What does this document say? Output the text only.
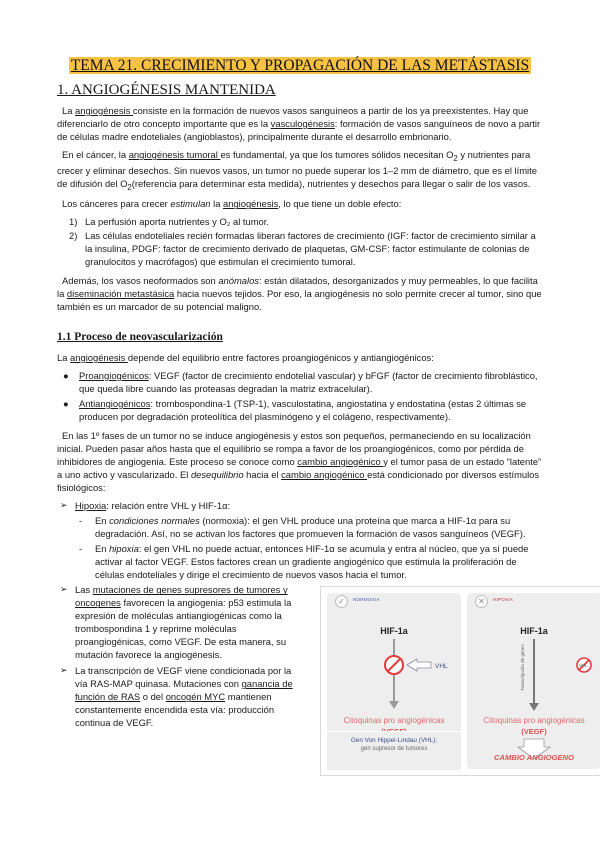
TEMA 21. CRECIMIENTO Y PROPAGACIÓN DE LAS METÁSTASIS
1. ANGIOGÉNESIS MANTENIDA

La angiogénesis consiste en la formación de nuevos vasos sanguíneos a partir de los ya preexistentes. Hay que diferenciarlo de otro concepto importante que es la vasculogénesis: formación de vasos sanguíneos de novo a partir de células madre endoteliales (angioblastos), principalmente durante el desarrollo embrionario.

En el cáncer, la angiogénesis tumoral es fundamental, ya que los tumores sólidos necesitan $O_2$ y nutrientes para crecer y eliminar desechos. Sin nuevos vasos, un tumor no puede superar los 1–2 mm de diámetro, que es el límite de difusión del $O_2(referencia$ para determinar esta medida), nutrientes y desechos para llegar o salir de los vasos.

Los cánceres para crecer estimulan la angiogénesis, lo que tiene un doble efecto:

1) La perfusión aporta nutrientes y O₂ al tumor.
2) Las células endoteliales recién formadas liberan factores de crecimiento (IGF: factor de crecimiento similar a la insulina, PDGF: factor de crecimiento derivado de plaquetas, GM-CSF: factor estimulante de colonias de granulocitos y macrófagos) que estimulan el crecimiento tumoral.

Además, los vasos neoformados son anómalos: están dilatados, desorganizados y muy permeables, lo que facilita la diseminación metastásica hacia nuevos tejidos. Por eso, la angiogénesis no solo permite crecer al tumor, sino que también es un marcador de su potencial maligno.

1.1 Proceso de neovascularización

La angiogénesis depende del equilibrio entre factores proangiogénicos y antiangiogénicos:

● Proangiogénicos: VEGF (factor de crecimiento endotelial vascular) y bFGF (factor de crecimiento fibroblástico, que queda libre cuando las proteasas degradan la matriz extracelular).
● Antiangiogénicos: trombospondina-1 (TSP-1), vasculostatina, angiostatina y endostatina (estas 2 últimas se producen por degradación proteolítica del plasminógeno y el colágeno, respectivamente).

En las 1º fases de un tumor no se induce angiogénesis y estos son pequeños, permaneciendo en su localización inicial. Pueden pasar años hasta que el equilibrio se rompa a favor de los proangiogénicos, como por pérdida de inhibidores de angiogenia. Este proceso se conoce como cambio angiogénico y el tumor pasa de un estado “latente” a uno activo y vascularizado. El desequilibrio hacia el cambio angiogénico está condicionado por diversos estímulos fisiológicos:

➢ Hipoxia: relación entre VHL y HIF-1α:
- En condiciones normales (normoxia): el gen VHL produce una proteína que marca a HIF-1α para su degradación. Así, no se activan los factores que promueven la formación de vasos sanguíneos (VEGF).
- En hipoxia: el gen VHL no puede actuar, entonces HIF-1α se acumula y entra al núcleo, que ya sí puede activar al factor VEGF. Estos factores crean un gradiente angiogénico que estimula la proliferación de células endoteliales y dirige el crecimiento de nuevos vasos hacia el tumor.
➢ Las mutaciones de genes supresores de tumores y oncogenes favorecen la angiogenia: p53 estimula la expresión de moléculas antiangiogénicas como la trombospondina 1 y reprime moléculas proangiogénicas, como VEGF. De esta manera, su mutación favorece la angiogénesis.
➢ La transcripción de VEGF viene condicionada por la vía RAS-MAP quinasa. Mutaciones con ganancia de función de RAS o del oncogén MYC mantienen constantemente encendida esta vía: producción continua de VEGF.
✓	NORMOXIA
HIF-1a
VHL
Citoquinas pro angiogénicas
Gen Von Hippel-Lindau (VHL):
gen supresor de tumores
✕	HIPOXIA
HIF-1a
Transcripción de genes	VHL
Citoquinas pro angiogénicas
(VEGF)
CAMBIO ANGIOGENO
